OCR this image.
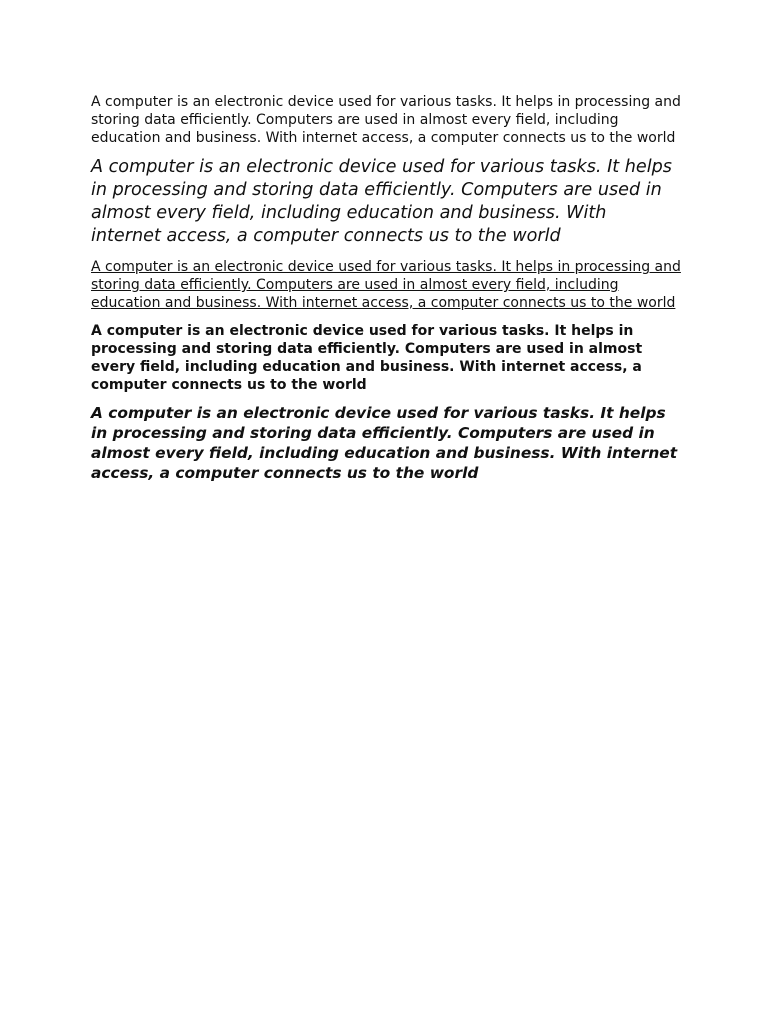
A computer is an electronic device used for various tasks. It helps in processing and storing data efficiently. Computers are used in almost every field, including education and business. With internet access, a computer connects us to the world
A computer is an electronic device used for various tasks. It helps in processing and storing data efficiently. Computers are used in almost every field, including education and business. With internet access, a computer connects us to the world
A computer is an electronic device used for various tasks. It helps in processing and storing data efficiently. Computers are used in almost every field, including education and business. With internet access, a computer connects us to the world
A computer is an electronic device used for various tasks. It helps in processing and storing data efficiently. Computers are used in almost every field, including education and business. With internet access, a computer connects us to the world
A computer is an electronic device used for various tasks. It helps in processing and storing data efficiently. Computers are used in almost every field, including education and business. With internet access, a computer connects us to the world
